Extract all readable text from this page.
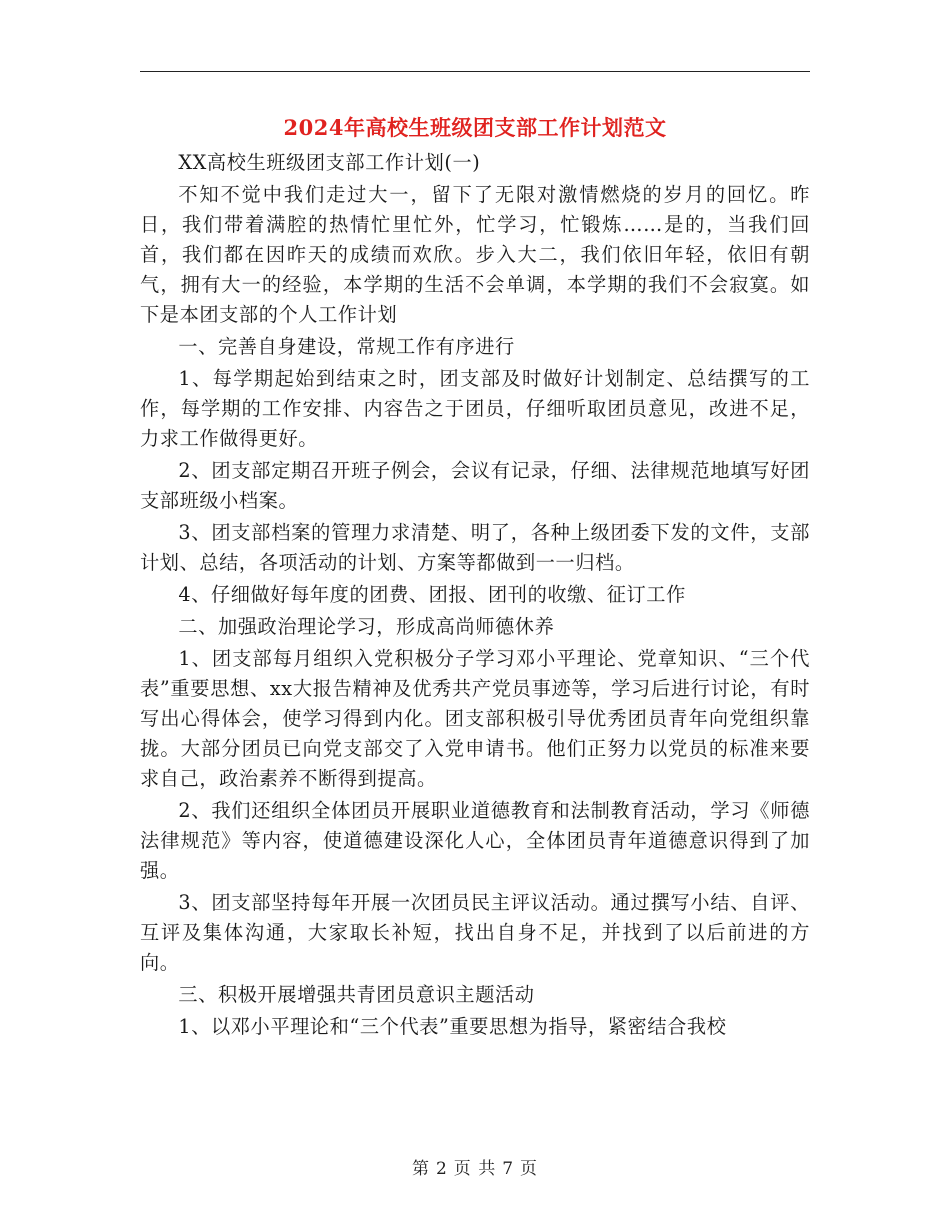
2024年高校生班级团支部工作计划范文

XX高校生班级团支部工作计划(一)

不知不觉中我们走过大一，留下了无限对激情燃烧的岁月的回忆。昨日，我们带着满腔的热情忙里忙外，忙学习，忙锻炼……是的，当我们回首，我们都在因昨天的成绩而欢欣。步入大二，我们依旧年轻，依旧有朝气，拥有大一的经验，本学期的生活不会单调，本学期的我们不会寂寞。如下是本团支部的个人工作计划

一、完善自身建设，常规工作有序进行

1、每学期起始到结束之时，团支部及时做好计划制定、总结撰写的工作，每学期的工作安排、内容告之于团员，仔细听取团员意见，改进不足，力求工作做得更好。

2、团支部定期召开班子例会，会议有记录，仔细、法律规范地填写好团支部班级小档案。

3、团支部档案的管理力求清楚、明了，各种上级团委下发的文件，支部计划、总结，各项活动的计划、方案等都做到一一归档。

4、仔细做好每年度的团费、团报、团刊的收缴、征订工作

二、加强政治理论学习，形成高尚师德休养

1、团支部每月组织入党积极分子学习邓小平理论、党章知识、“三个代表”重要思想、xx大报告精神及优秀共产党员事迹等，学习后进行讨论，有时写出心得体会，使学习得到内化。团支部积极引导优秀团员青年向党组织靠拢。大部分团员已向党支部交了入党申请书。他们正努力以党员的标准来要求自己，政治素养不断得到提高。

2、我们还组织全体团员开展职业道德教育和法制教育活动，学习《师德法律规范》等内容，使道德建设深化人心，全体团员青年道德意识得到了加强。

3、团支部坚持每年开展一次团员民主评议活动。通过撰写小结、自评、互评及集体沟通，大家取长补短，找出自身不足，并找到了以后前进的方向。

三、积极开展增强共青团员意识主题活动

1、以邓小平理论和“三个代表”重要思想为指导，紧密结合我校

第 2 页 共 7 页
